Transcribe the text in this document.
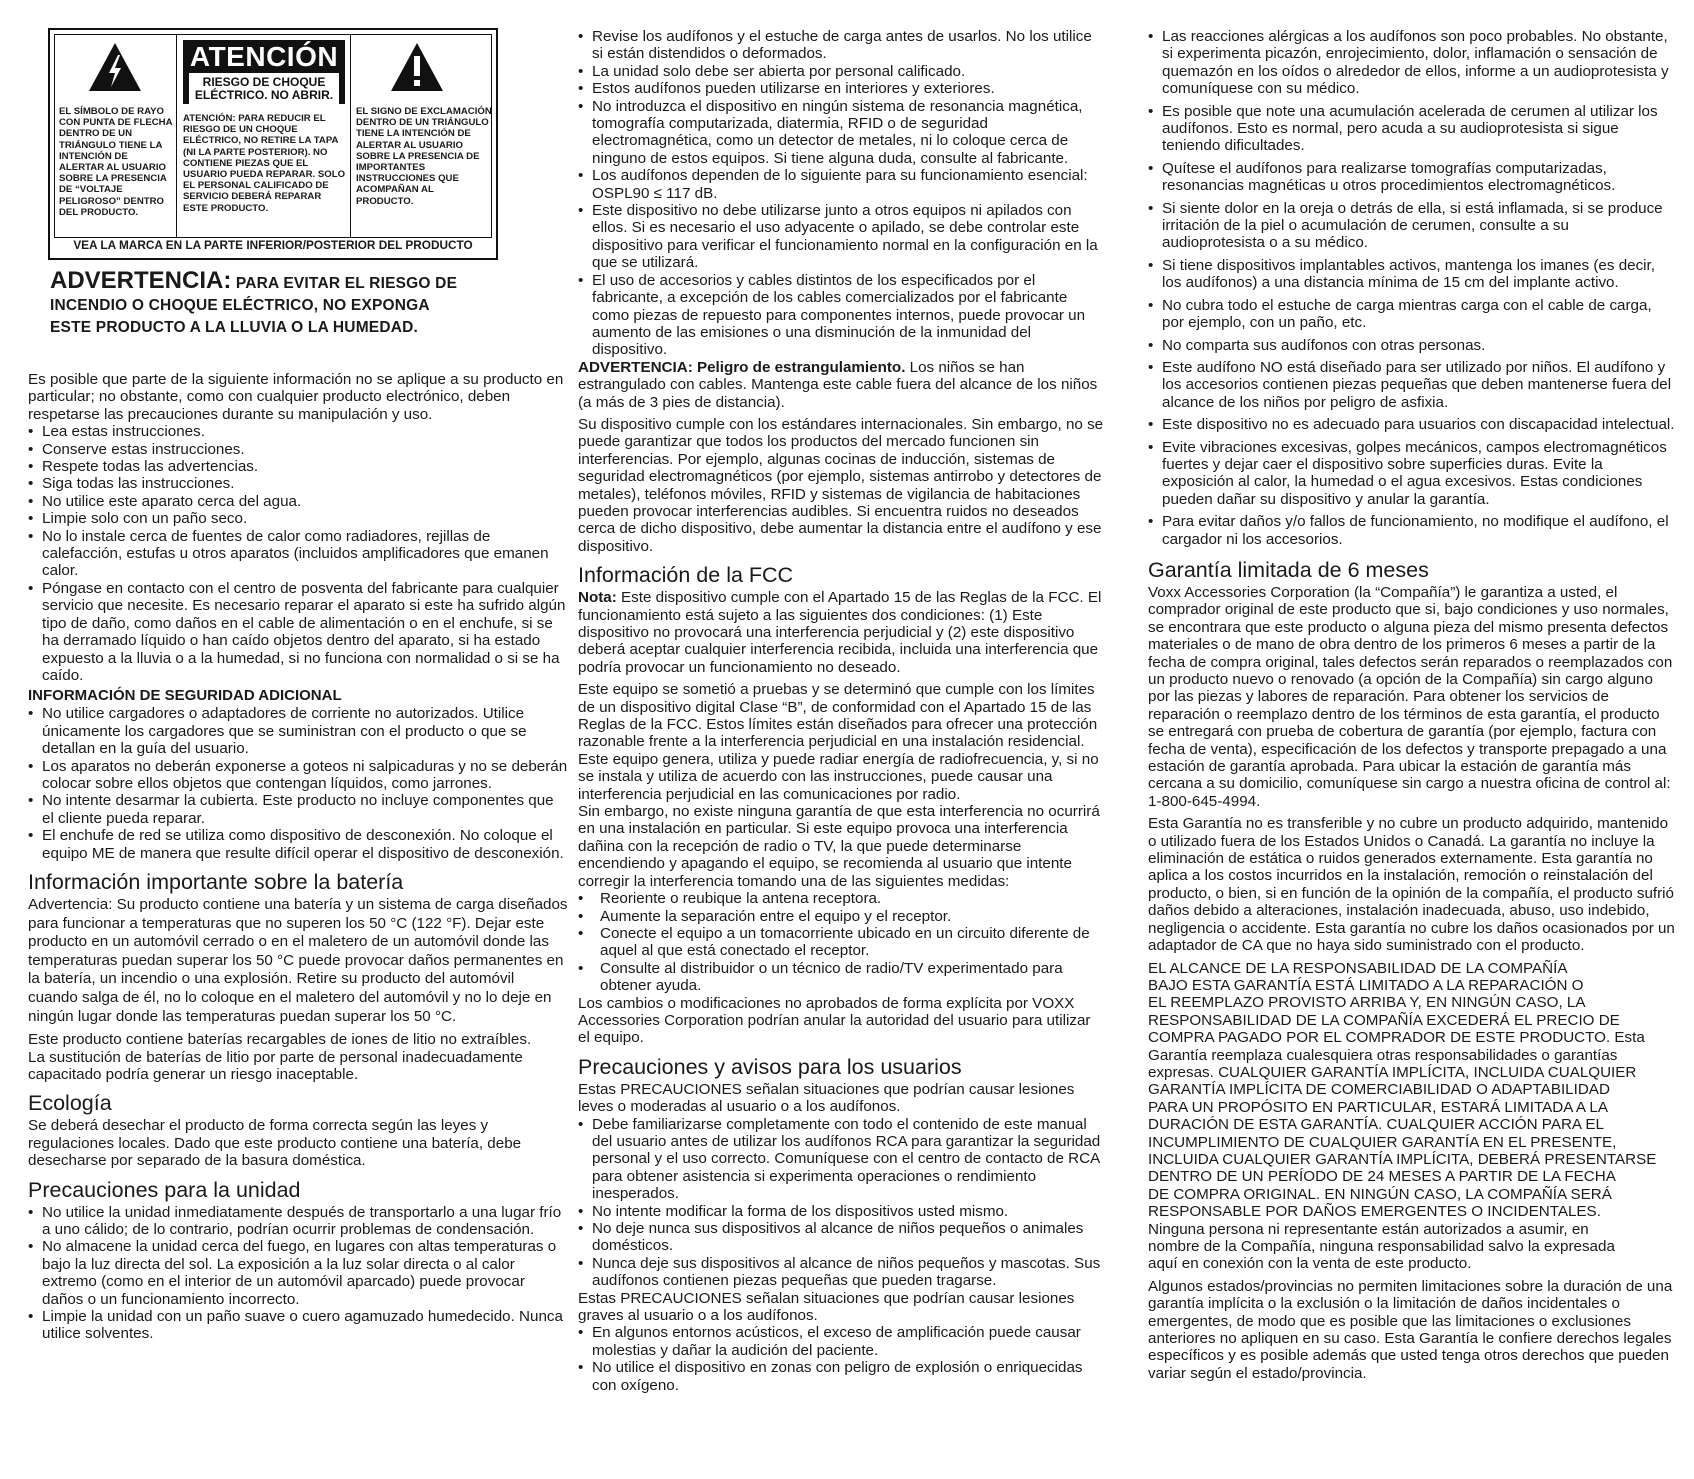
EL SÍMBOLO DE RAYO CON PUNTA DE FLECHA DENTRO DE UN TRIÁNGULO TIENE LA INTENCIÓN DE ALERTAR AL USUARIO SOBRE LA PRESENCIA DE “VOLTAJE PELIGROSO” DENTRO DEL PRODUCTO.
ATENCIÓN
RIESGO DE CHOQUE ELÉCTRICO. NO ABRIR.
ATENCIÓN: PARA REDUCIR EL RIESGO DE UN CHOQUE ELÉCTRICO, NO RETIRE LA TAPA (NI LA PARTE POSTERIOR). NO CONTIENE PIEZAS QUE EL USUARIO PUEDA REPARAR. SOLO EL PERSONAL CALIFICADO DE SERVICIO DEBERÁ REPARAR ESTE PRODUCTO.
EL SIGNO DE EXCLAMACIÓN DENTRO DE UN TRIÁNGULO TIENE LA INTENCIÓN DE ALERTAR AL USUARIO SOBRE LA PRESENCIA DE IMPORTANTES INSTRUCCIONES QUE ACOMPAÑAN AL PRODUCTO.
VEA LA MARCA EN LA PARTE INFERIOR/POSTERIOR DEL PRODUCTO
ADVERTENCIA: PARA EVITAR EL RIESGO DE
INCENDIO O CHOQUE ELÉCTRICO, NO EXPONGA
ESTE PRODUCTO A LA LLUVIA O LA HUMEDAD.

Es posible que parte de la siguiente información no se aplique a su producto en particular; no obstante, como con cualquier producto electrónico, deben respetarse las precauciones durante su manipulación y uso.

• Lea estas instrucciones.
• Conserve estas instrucciones.
• Respete todas las advertencias.
• Siga todas las instrucciones.
• No utilice este aparato cerca del agua.
• Limpie solo con un paño seco.
• No lo instale cerca de fuentes de calor como radiadores, rejillas de calefacción, estufas u otros aparatos (incluidos amplificadores que emanen calor.
• Póngase en contacto con el centro de posventa del fabricante para cualquier servicio que necesite. Es necesario reparar el aparato si este ha sufrido algún tipo de daño, como daños en el cable de alimentación o en el enchufe, si se ha derramado líquido o han caído objetos dentro del aparato, si ha estado expuesto a la lluvia o a la humedad, si no funciona con normalidad o si se ha caído.
INFORMACIÓN DE SEGURIDAD ADICIONAL
• No utilice cargadores o adaptadores de corriente no autorizados. Utilice únicamente los cargadores que se suministran con el producto o que se detallan en la guía del usuario.
• Los aparatos no deberán exponerse a goteos ni salpicaduras y no se deberán colocar sobre ellos objetos que contengan líquidos, como jarrones.
• No intente desarmar la cubierta. Este producto no incluye componentes que el cliente pueda reparar.
• El enchufe de red se utiliza como dispositivo de desconexión. No coloque el equipo ME de manera que resulte difícil operar el dispositivo de desconexión.
Información importante sobre la batería

Advertencia: Su producto contiene una batería y un sistema de carga diseñados para funcionar a temperaturas que no superen los 50 °C (122 °F). Dejar este producto en un automóvil cerrado o en el maletero de un automóvil donde las temperaturas puedan superar los 50 °C puede provocar daños permanentes en la batería, un incendio o una explosión. Retire su producto del automóvil cuando salga de él, no lo coloque en el maletero del automóvil y no lo deje en ningún lugar donde las temperaturas puedan superar los 50 °C.

Este producto contiene baterías recargables de iones de litio no extraíbles.

La sustitución de baterías de litio por parte de personal inadecuadamente capacitado podría generar un riesgo inaceptable.

Ecología

Se deberá desechar el producto de forma correcta según las leyes y regulaciones locales. Dado que este producto contiene una batería, debe desecharse por separado de la basura doméstica.

Precauciones para la unidad
• No utilice la unidad inmediatamente después de transportarlo a una lugar frío a uno cálido; de lo contrario, podrían ocurrir problemas de condensación.
• No almacene la unidad cerca del fuego, en lugares con altas temperaturas o bajo la luz directa del sol. La exposición a la luz solar directa o al calor extremo (como en el interior de un automóvil aparcado) puede provocar daños o un funcionamiento incorrecto.
• Limpie la unidad con un paño suave o cuero agamuzado humedecido. Nunca utilice solventes.
• Revise los audífonos y el estuche de carga antes de usarlos. No los utilice si están distendidos o deformados.
• La unidad solo debe ser abierta por personal calificado.
• Estos audífonos pueden utilizarse en interiores y exteriores.
• No introduzca el dispositivo en ningún sistema de resonancia magnética, tomografía computarizada, diatermia, RFID o de seguridad electromagnética, como un detector de metales, ni lo coloque cerca de ninguno de estos equipos. Si tiene alguna duda, consulte al fabricante.
• Los audífonos dependen de lo siguiente para su funcionamiento esencial: OSPL90 ≤ 117 dB.
• Este dispositivo no debe utilizarse junto a otros equipos ni apilados con ellos. Si es necesario el uso adyacente o apilado, se debe controlar este dispositivo para verificar el funcionamiento normal en la configuración en la que se utilizará.
• El uso de accesorios y cables distintos de los especificados por el fabricante, a excepción de los cables comercializados por el fabricante como piezas de repuesto para componentes internos, puede provocar un aumento de las emisiones o una disminución de la inmunidad del dispositivo.

ADVERTENCIA: Peligro de estrangulamiento. Los niños se han estrangulado con cables. Mantenga este cable fuera del alcance de los niños (a más de 3 pies de distancia).

Su dispositivo cumple con los estándares internacionales. Sin embargo, no se puede garantizar que todos los productos del mercado funcionen sin interferencias. Por ejemplo, algunas cocinas de inducción, sistemas de seguridad electromagnéticos (por ejemplo, sistemas antirrobo y detectores de metales), teléfonos móviles, RFID y sistemas de vigilancia de habitaciones pueden provocar interferencias audibles. Si encuentra ruidos no deseados cerca de dicho dispositivo, debe aumentar la distancia entre el audífono y ese dispositivo.

Información de la FCC

Nota: Este dispositivo cumple con el Apartado 15 de las Reglas de la FCC. El funcionamiento está sujeto a las siguientes dos condiciones: (1) Este dispositivo no provocará una interferencia perjudicial y (2) este dispositivo deberá aceptar cualquier interferencia recibida, incluida una interferencia que podría provocar un funcionamiento no deseado.

Este equipo se sometió a pruebas y se determinó que cumple con los límites de un dispositivo digital Clase “B”, de conformidad con el Apartado 15 de las Reglas de la FCC. Estos límites están diseñados para ofrecer una protección razonable frente a la interferencia perjudicial en una instalación residencial. Este equipo genera, utiliza y puede radiar energía de radiofrecuencia, y, si no se instala y utiliza de acuerdo con las instrucciones, puede causar una interferencia perjudicial en las comunicaciones por radio.

Sin embargo, no existe ninguna garantía de que esta interferencia no ocurrirá en una instalación en particular. Si este equipo provoca una interferencia dañina con la recepción de radio o TV, la que puede determinarse encendiendo y apagando el equipo, se recomienda al usuario que intente corregir la interferencia tomando una de las siguientes medidas:

• Reoriente o reubique la antena receptora.
• Aumente la separación entre el equipo y el receptor.
• Conecte el equipo a un tomacorriente ubicado en un circuito diferente de aquel al que está conectado el receptor.
• Consulte al distribuidor o un técnico de radio/TV experimentado para obtener ayuda.

Los cambios o modificaciones no aprobados de forma explícita por VOXX Accessories Corporation podrían anular la autoridad del usuario para utilizar el equipo.

Precauciones y avisos para los usuarios

Estas PRECAUCIONES señalan situaciones que podrían causar lesiones leves o moderadas al usuario o a los audífonos.

• Debe familiarizarse completamente con todo el contenido de este manual del usuario antes de utilizar los audífonos RCA para garantizar la seguridad personal y el uso correcto. Comuníquese con el centro de contacto de RCA para obtener asistencia si experimenta operaciones o rendimiento inesperados.
• No intente modificar la forma de los dispositivos usted mismo.
• No deje nunca sus dispositivos al alcance de niños pequeños o animales domésticos.
• Nunca deje sus dispositivos al alcance de niños pequeños y mascotas. Sus audífonos contienen piezas pequeñas que pueden tragarse.

Estas PRECAUCIONES señalan situaciones que podrían causar lesiones graves al usuario o a los audífonos.

• En algunos entornos acústicos, el exceso de amplificación puede causar molestias y dañar la audición del paciente.
• No utilice el dispositivo en zonas con peligro de explosión o enriquecidas con oxígeno.
• Las reacciones alérgicas a los audífonos son poco probables. No obstante, si experimenta picazón, enrojecimiento, dolor, inflamación o sensación de quemazón en los oídos o alrededor de ellos, informe a un audioprotesista y comuníquese con su médico.
• Es posible que note una acumulación acelerada de cerumen al utilizar los audífonos. Esto es normal, pero acuda a su audioprotesista si sigue teniendo dificultades.
• Quítese el audífonos para realizarse tomografías computarizadas, resonancias magnéticas u otros procedimientos electromagnéticos.
• Si siente dolor en la oreja o detrás de ella, si está inflamada, si se produce irritación de la piel o acumulación de cerumen, consulte a su audioprotesista o a su médico.
• Si tiene dispositivos implantables activos, mantenga los imanes (es decir, los audífonos) a una distancia mínima de 15 cm del implante activo.
• No cubra todo el estuche de carga mientras carga con el cable de carga, por ejemplo, con un paño, etc.
• No comparta sus audífonos con otras personas.
• Este audífono NO está diseñado para ser utilizado por niños. El audífono y los accesorios contienen piezas pequeñas que deben mantenerse fuera del alcance de los niños por peligro de asfixia.
• Este dispositivo no es adecuado para usuarios con discapacidad intelectual.
• Evite vibraciones excesivas, golpes mecánicos, campos electromagnéticos fuertes y dejar caer el dispositivo sobre superficies duras. Evite la exposición al calor, la humedad o el agua excesivos. Estas condiciones pueden dañar su dispositivo y anular la garantía.
• Para evitar daños y/o fallos de funcionamiento, no modifique el audífono, el cargador ni los accesorios.
Garantía limitada de 6 meses

Voxx Accessories Corporation (la “Compañía”) le garantiza a usted, el comprador original de este producto que si, bajo condiciones y uso normales, se encontrara que este producto o alguna pieza del mismo presenta defectos materiales o de mano de obra dentro de los primeros 6 meses a partir de la fecha de compra original, tales defectos serán reparados o reemplazados con un producto nuevo o renovado (a opción de la Compañía) sin cargo alguno por las piezas y labores de reparación. Para obtener los servicios de reparación o reemplazo dentro de los términos de esta garantía, el producto se entregará con prueba de cobertura de garantía (por ejemplo, factura con fecha de venta), especificación de los defectos y transporte prepagado a una estación de garantía aprobada. Para ubicar la estación de garantía más cercana a su domicilio, comuníquese sin cargo a nuestra oficina de control al: 1-800-645-4994.

Esta Garantía no es transferible y no cubre un producto adquirido, mantenido o utilizado fuera de los Estados Unidos o Canadá. La garantía no incluye la eliminación de estática o ruidos generados externamente. Esta garantía no aplica a los costos incurridos en la instalación, remoción o reinstalación del producto, o bien, si en función de la opinión de la compañía, el producto sufrió daños debido a alteraciones, instalación inadecuada, abuso, uso indebido, negligencia o accidente. Esta garantía no cubre los daños ocasionados por un adaptador de CA que no haya sido suministrado con el producto.

EL ALCANCE DE LA RESPONSABILIDAD DE LA COMPAÑÍA
BAJO ESTA GARANTÍA ESTÁ LIMITADO A LA REPARACIÓN O
EL REEMPLAZO PROVISTO ARRIBA Y, EN NINGÚN CASO, LA
RESPONSABILIDAD DE LA COMPAÑÍA EXCEDERÁ EL PRECIO DE
COMPRA PAGADO POR EL COMPRADOR DE ESTE PRODUCTO. Esta
Garantía reemplaza cualesquiera otras responsabilidades o garantías
expresas. CUALQUIER GARANTÍA IMPLÍCITA, INCLUIDA CUALQUIER
GARANTÍA IMPLÍCITA DE COMERCIABILIDAD O ADAPTABILIDAD
PARA UN PROPÓSITO EN PARTICULAR, ESTARÁ LIMITADA A LA
DURACIÓN DE ESTA GARANTÍA. CUALQUIER ACCIÓN PARA EL
INCUMPLIMIENTO DE CUALQUIER GARANTÍA EN EL PRESENTE,
INCLUIDA CUALQUIER GARANTÍA IMPLÍCITA, DEBERÁ PRESENTARSE
DENTRO DE UN PERÍODO DE 24 MESES A PARTIR DE LA FECHA
DE COMPRA ORIGINAL. EN NINGÚN CASO, LA COMPAÑÍA SERÁ
RESPONSABLE POR DAÑOS EMERGENTES O INCIDENTALES.
Ninguna persona ni representante están autorizados a asumir, en
nombre de la Compañía, ninguna responsabilidad salvo la expresada
aquí en conexión con la venta de este producto.

Algunos estados/provincias no permiten limitaciones sobre la duración de una garantía implícita o la exclusión o la limitación de daños incidentales o emergentes, de modo que es posible que las limitaciones o exclusiones anteriores no apliquen en su caso. Esta Garantía le confiere derechos legales específicos y es posible además que usted tenga otros derechos que pueden variar según el estado/provincia.
